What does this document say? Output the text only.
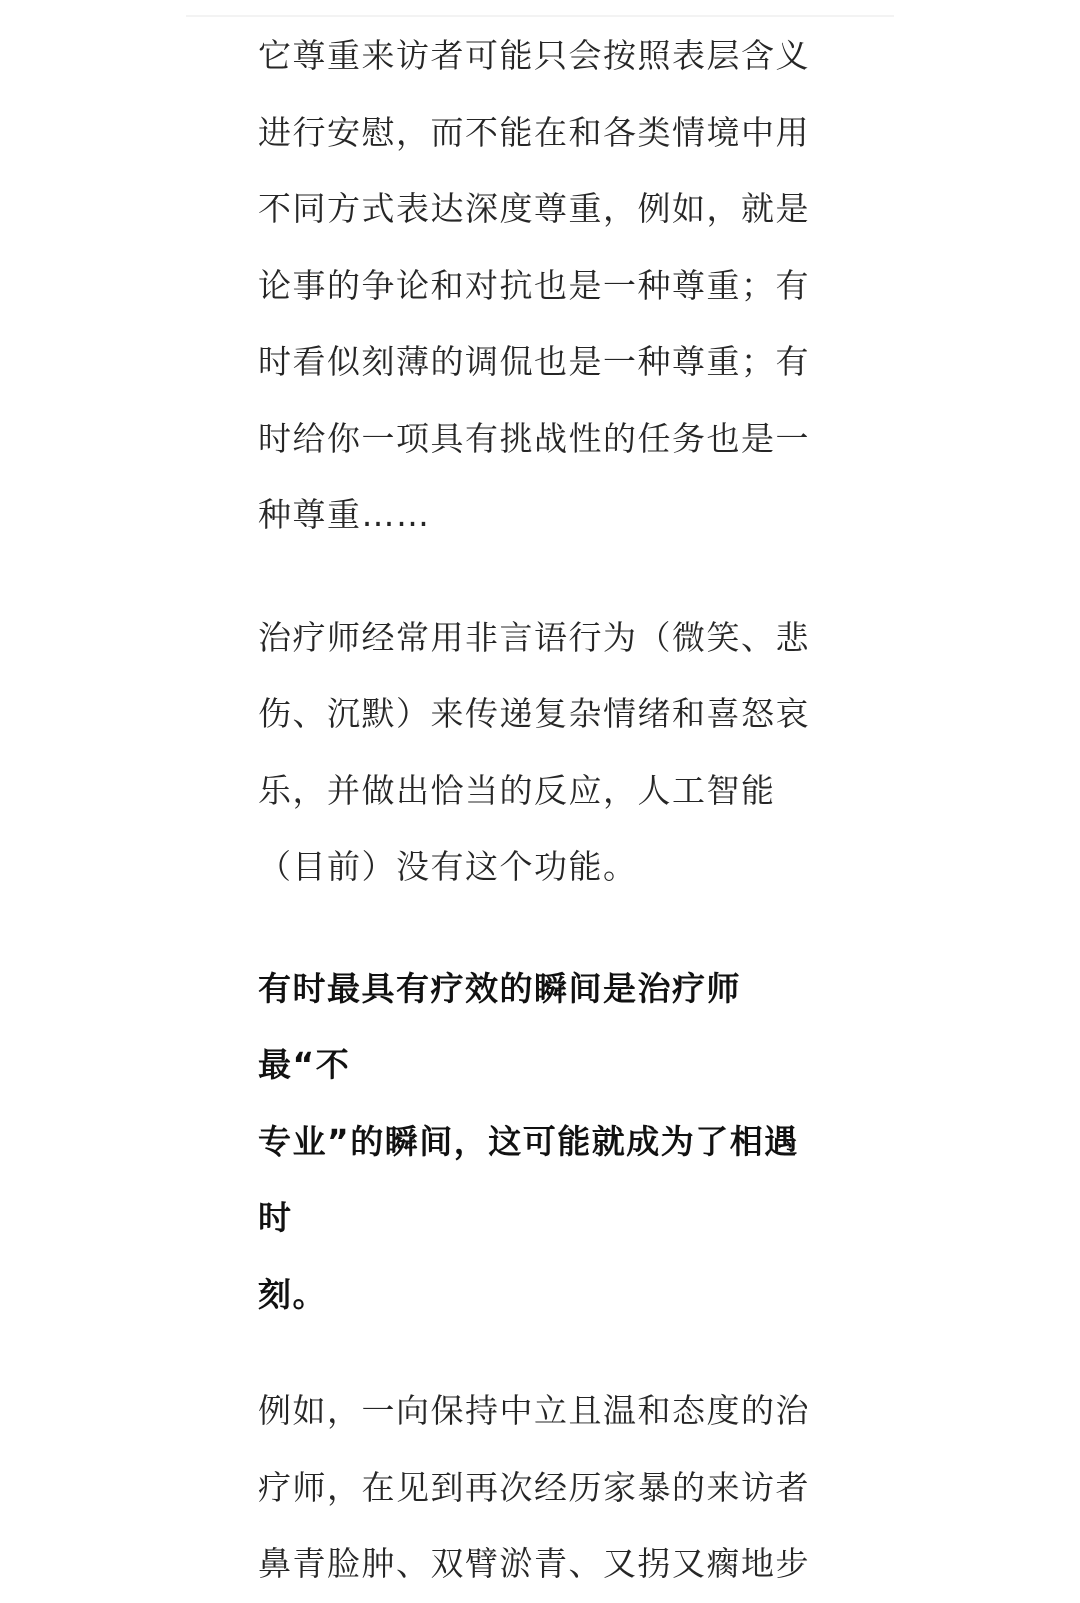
它尊重来访者可能只会按照表层含义
进行安慰，而不能在和各类情境中用
不同方式表达深度尊重，例如，就是
论事的争论和对抗也是一种尊重；有
时看似刻薄的调侃也是一种尊重；有
时给你一项具有挑战性的任务也是一
种尊重……

治疗师经常用非言语行为（微笑、悲
伤、沉默）来传递复杂情绪和喜怒哀
乐，并做出恰当的反应，人工智能
（目前）没有这个功能。

有时最具有疗效的瞬间是治疗师最“不
专业”的瞬间，这可能就成为了相遇时
刻。

例如，一向保持中立且温和态度的治
疗师，在见到再次经历家暴的来访者
鼻青脸肿、双臂淤青、又拐又瘸地步
